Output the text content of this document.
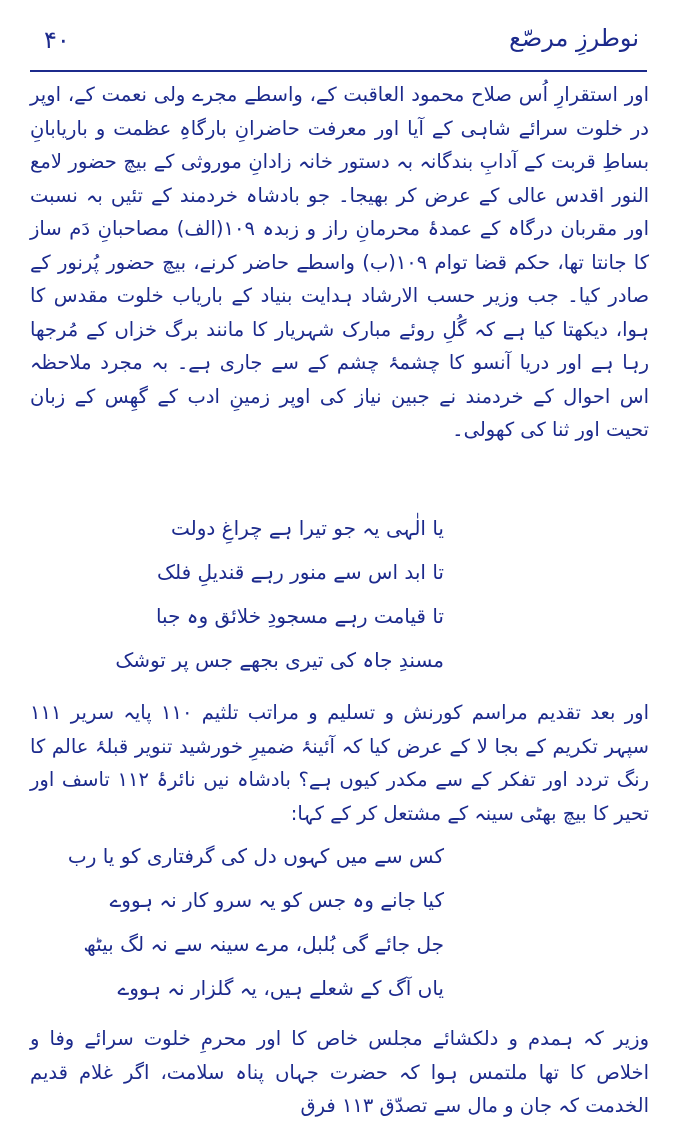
۴۰	نوطرزِ مرصّع

اور استقرارِ اُس صلاح محمود العاقبت کے، واسطے مجرے ولی نعمت کے، اوپر در خلوت سرائے شاہی کے آیا اور معرفت حاضرانِ بارگاہِ عظمت و باریابانِ بساطِ قربت کے آدابِ بندگانہ بہ دستور خانہ زادانِ موروثی کے بیچ حضور لامع النور اقدس عالی کے عرض کر بھیجا۔ جو بادشاہ خردمند کے تئیں بہ نسبت اور مقربان درگاہ کے عمدۂ محرمانِ راز و زبدہ ۱۰۹(الف) مصاحبانِ دَم ساز کا جانتا تھا، حکم قضا توام ۱۰۹(ب) واسطے حاضر کرنے، بیچ حضور پُرنور کے صادر کیا۔ جب وزیر حسب الارشاد ہدایت بنیاد کے باریاب خلوت مقدس کا ہوا، دیکھتا کیا ہے کہ گُلِ روئے مبارک شہریار کا مانند برگ خزاں کے مُرجھا رہا ہے اور دریا آنسو کا چشمۂ چشم کے سے جاری ہے۔ بہ مجرد ملاحظہ اس احوال کے خردمند نے جبین نیاز کی اوپر زمینِ ادب کے گھِس کے زبان تحیت اور ثنا کی کھولی۔

یا الٰہی یہ جو تیرا ہے چراغِ دولت
تا ابد اس سے منور رہے قندیلِ فلک
تا قیامت رہے مسجودِ خلائق وہ جبا
مسندِ جاہ کی تیری بجھے جس پر توشک

اور بعد تقدیم مراسم کورنش و تسلیم و مراتب تلثیم ۱۱۰ پایہ سریر ۱۱۱ سپہر تکریم کے بجا لا کے عرض کیا کہ آئینۂ ضمیرِ خورشید تنویر قبلۂ عالم کا رنگ تردد اور تفکر کے سے مکدر کیوں ہے؟ بادشاہ نیں نائرۂ ۱۱۲ تاسف اور تحیر کا بیچ بھٹی سینہ کے مشتعل کر کے کہا:

کس سے میں کہوں دل کی گرفتاری کو یا رب
کیا جانے وہ جس کو یہ سرو کار نہ ہووے
جل جائے گی بُلبل، مرے سینہ سے نہ لگ بیٹھ
یاں آگ کے شعلے ہیں، یہ گلزار نہ ہووے

وزیر کہ ہمدم و دلکشائے مجلس خاص کا اور محرمِ خلوت سرائے وفا و اخلاص کا تھا ملتمس ہوا کہ حضرت جہاں پناہ سلامت، اگر غلام قدیم الخدمت کہ جان و مال سے تصدّق ۱۱۳ فرق
